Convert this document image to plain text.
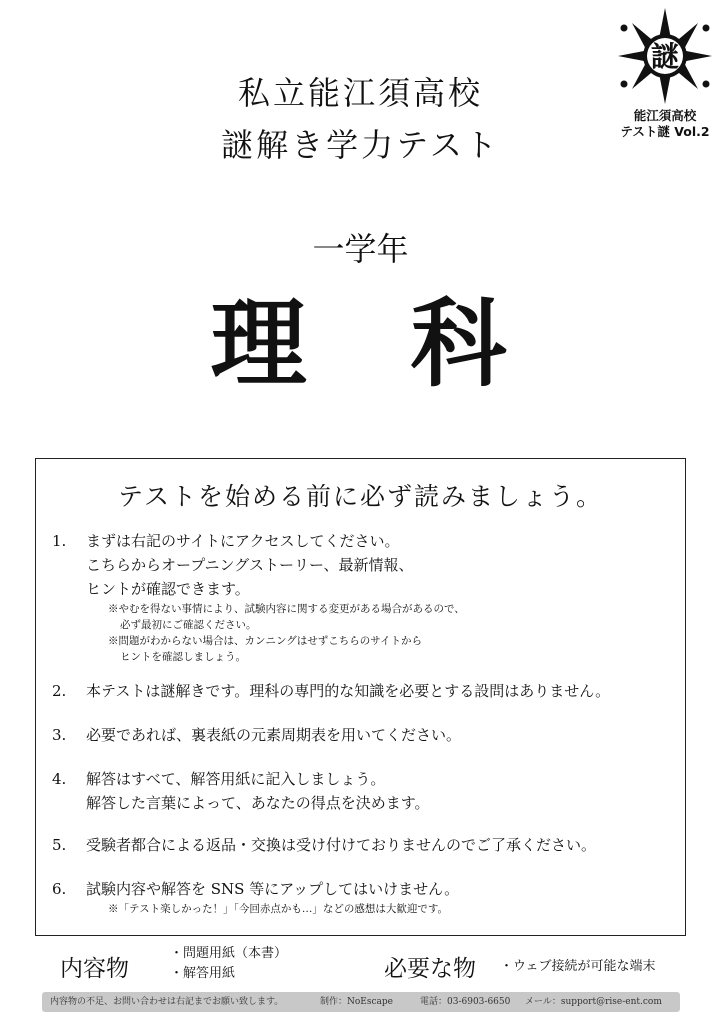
私立能江須高校
謎解き学力テスト
一学年
理 科
謎
能江須高校
テスト謎 Vol.2
テストを始める前に必ず読みましょう。
1. まずは右記のサイトにアクセスしてください。
こちらからオープニングストーリー、最新情報、
ヒントが確認できます。
※やむを得ない事情により、試験内容に関する変更がある場合があるので、
必ず最初にご確認ください。
※問題がわからない場合は、カンニングはせずこちらのサイトから
ヒントを確認しましょう。
2. 本テストは謎解きです。理科の専門的な知識を必要とする設問はありません。
3. 必要であれば、裏表紙の元素周期表を用いてください。
4. 解答はすべて、解答用紙に記入しましょう。
解答した言葉によって、あなたの得点を決めます。
5. 受験者都合による返品・交換は受け付けておりませんのでご了承ください。
6. 試験内容や解答を SNS 等にアップしてはいけません。
※「テスト楽しかった！」「今回赤点かも…」などの感想は大歓迎です。
内容物
・問題用紙（本書）
・解答用紙	必要な物 ・ウェブ接続が可能な端末
内容物の不足、お問い合わせは右記までお願い致します。	制作：NoEscape	電話：03-6903-6650 メール：support@rise-ent.com
